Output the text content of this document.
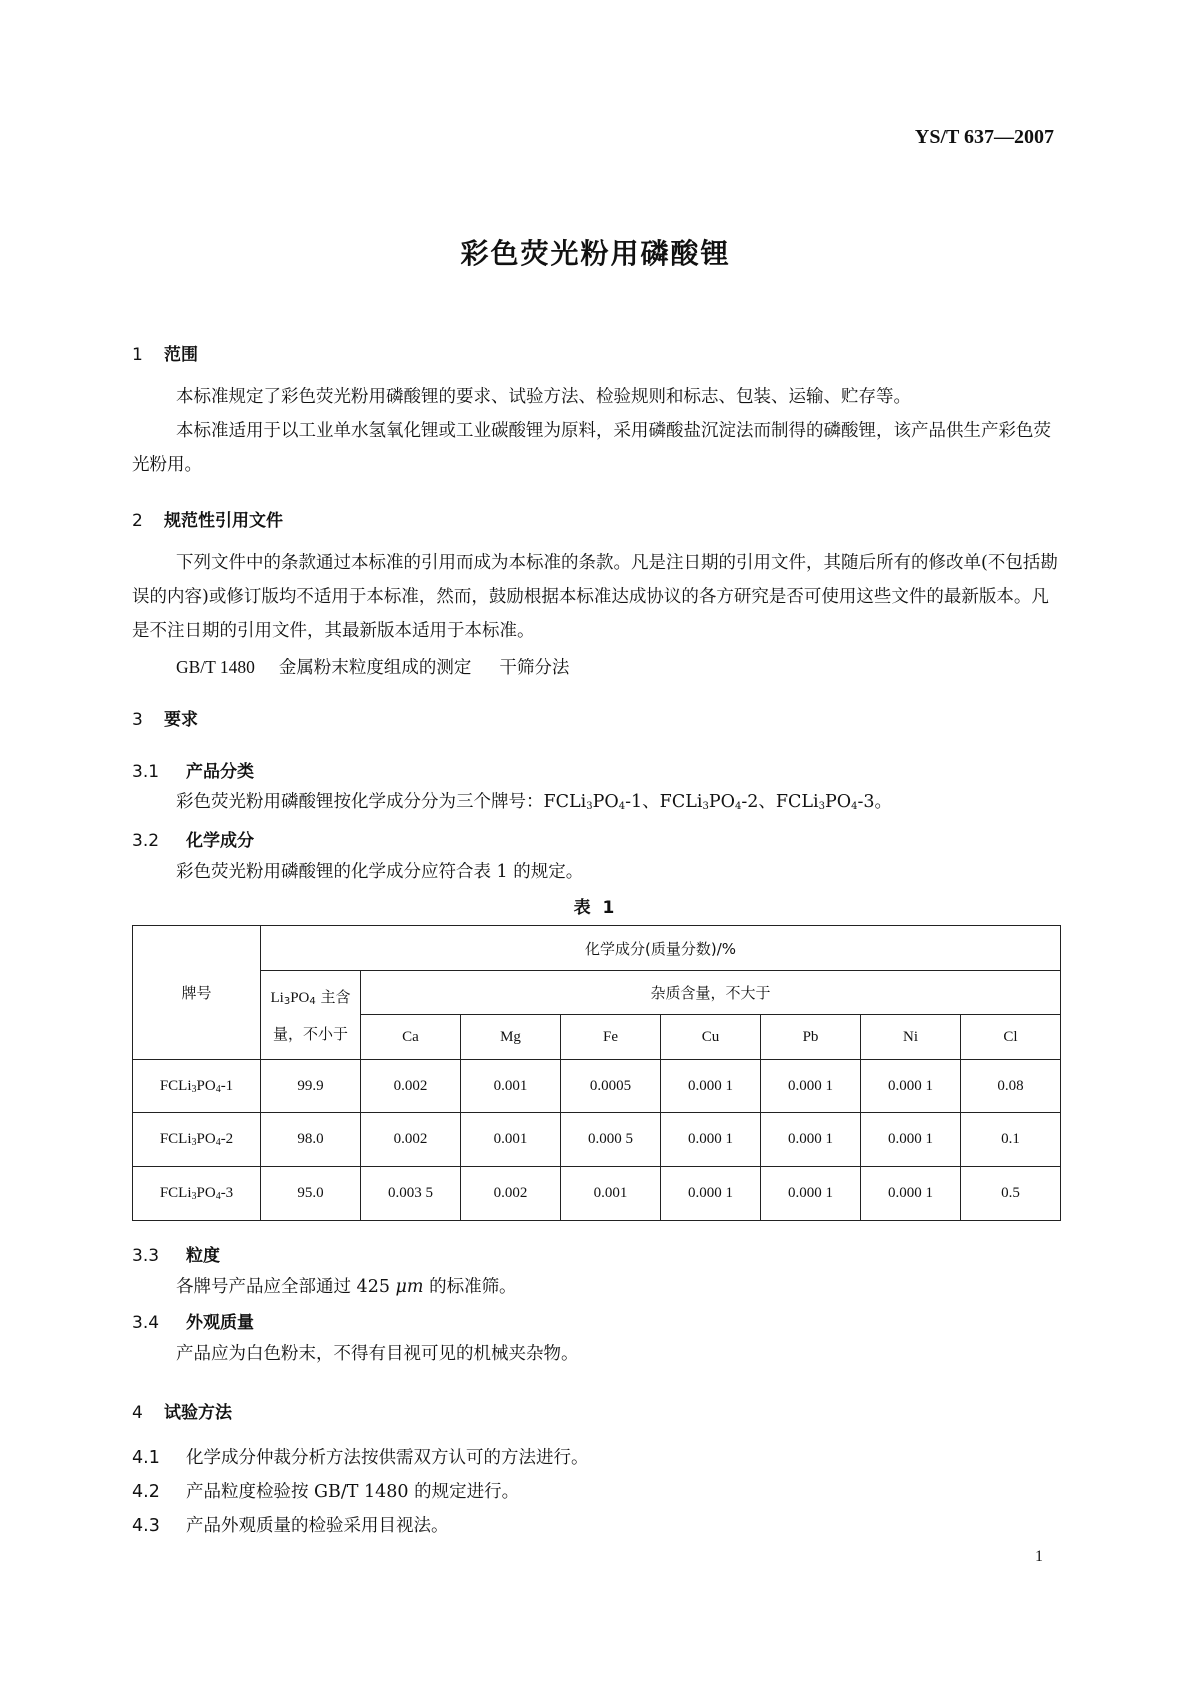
YS/T 637—2007
彩色荧光粉用磷酸锂
1 范围
本标准规定了彩色荧光粉用磷酸锂的要求、试验方法、检验规则和标志、包装、运输、贮存等。
本标准适用于以工业单水氢氧化锂或工业碳酸锂为原料，采用磷酸盐沉淀法而制得的磷酸锂，该产品供生产彩色荧光粉用。
2 规范性引用文件
下列文件中的条款通过本标准的引用而成为本标准的条款。凡是注日期的引用文件，其随后所有的修改单(不包括勘误的内容)或修订版均不适用于本标准，然而，鼓励根据本标准达成协议的各方研究是否可使用这些文件的最新版本。凡是不注日期的引用文件，其最新版本适用于本标准。
GB/T 1480 金属粉末粒度组成的测定 干筛分法
3 要求
3.1 产品分类
彩色荧光粉用磷酸锂按化学成分分为三个牌号：$FCLi_3PO_4-1$、$FCLi_3PO_4-2$、$FCLi_3PO_4-3$。
3.2 化学成分
彩色荧光粉用磷酸锂的化学成分应符合表 1 的规定。
表 1
牌号	化学成分(质量分数)/%							
	$Li_3PO_4$ 主含
量，不小于	杂质含量，不大于						
		Ca	Mg	Fe	Cu	Pb	Ni	Cl
$FCLi_3PO_4-1$	99.9	0.002	0.001	0.0005	0.000 1	0.000 1	0.000 1	0.08
$FCLi_3PO_4-2$	98.0	0.002	0.001	0.000 5	0.000 1	0.000 1	0.000 1	0.1
$FCLi_3PO_4-3$	95.0	0.003 5	0.002	0.001	0.000 1	0.000 1	0.000 1	0.5
3.3 粒度
各牌号产品应全部通过 425 μm 的标准筛。
3.4 外观质量
产品应为白色粉末，不得有目视可见的机械夹杂物。
4 试验方法
4.1 化学成分仲裁分析方法按供需双方认可的方法进行。
4.2 产品粒度检验按 GB/T 1480 的规定进行。
4.3 产品外观质量的检验采用目视法。
1
